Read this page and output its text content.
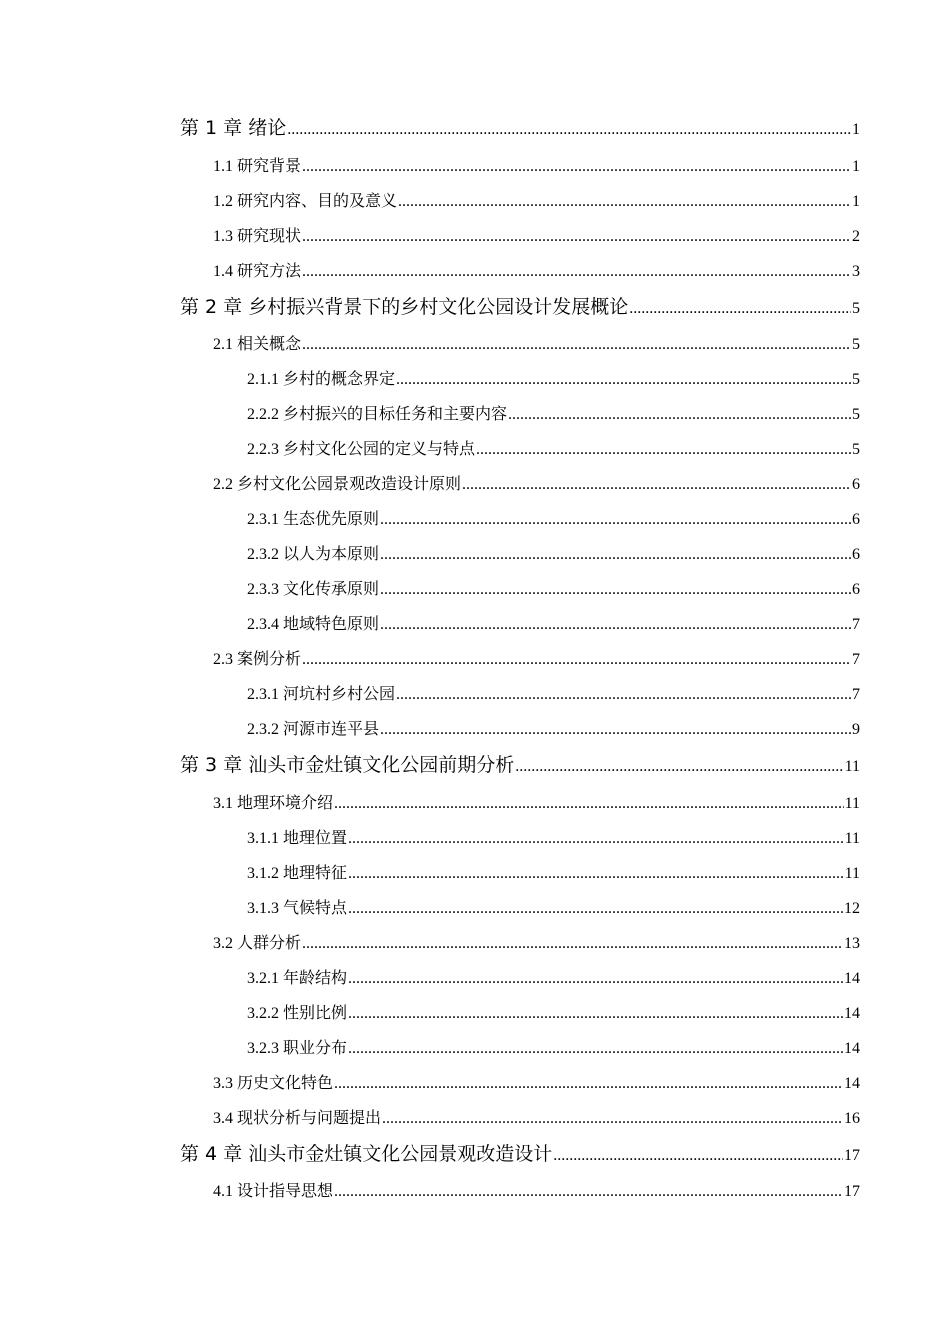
第 1 章 绪论 .....	1
1.1 研究背景 .....	1
1.2 研究内容、目的及意义 .....	1
1.3 研究现状 .....	2
1.4 研究方法 .....	3
第 2 章 乡村振兴背景下的乡村文化公园设计发展概论 .....	5
2.1 相关概念 .....	5
2.1.1 乡村的概念界定 .....	5
2.2.2 乡村振兴的目标任务和主要内容 .....	5
2.2.3 乡村文化公园的定义与特点 .....	5
2.2 乡村文化公园景观改造设计原则 .....	6
2.3.1 生态优先原则 .....	6
2.3.2 以人为本原则 .....	6
2.3.3 文化传承原则 .....	6
2.3.4 地域特色原则 .....	7
2.3 案例分析 .....	7
2.3.1 河坑村乡村公园 .....	7
2.3.2 河源市连平县 .....	9
第 3 章 汕头市金灶镇文化公园前期分析 .....	11
3.1 地理环境介绍 .....	11
3.1.1 地理位置 .....	11
3.1.2 地理特征 .....	11
3.1.3 气候特点 .....	12
3.2 人群分析 .....	13
3.2.1 年龄结构 .....	14
3.2.2 性别比例 .....	14
3.2.3 职业分布 .....	14
3.3 历史文化特色 .....	14
3.4 现状分析与问题提出 .....	16
第 4 章 汕头市金灶镇文化公园景观改造设计 .....	17
4.1 设计指导思想 .....	17
